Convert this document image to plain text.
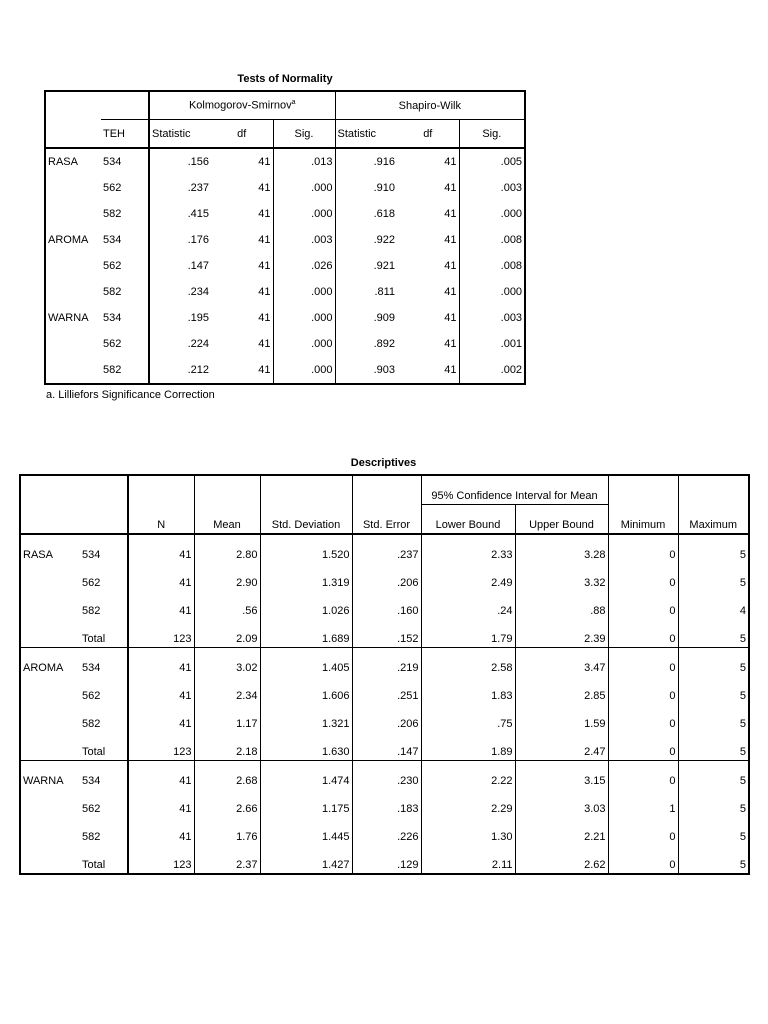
Tests of Normality
		Kolmogorov-Smirnov$^a$			Shapiro-Wilk		
	TEH	Statistic	df	Sig.	Statistic	df	Sig.
RASA	534	.156	41	.013	.916	41	.005
	562	.237	41	.000	.910	41	.003
	582	.415	41	.000	.618	41	.000
AROMA	534	.176	41	.003	.922	41	.008
	562	.147	41	.026	.921	41	.008
	582	.234	41	.000	.811	41	.000
WARNA	534	.195	41	.000	.909	41	.003
	562	.224	41	.000	.892	41	.001
	582	.212	41	.000	.903	41	.002
a. Lilliefors Significance Correction
Descriptives
						95% Confidence Interval for Mean			
		N	Mean	Std. Deviation	Std. Error	Lower Bound	Upper Bound	Minimum	Maximum
RASA	534	41	2.80	1.520	.237	2.33	3.28	0	5
	562	41	2.90	1.319	.206	2.49	3.32	0	5
	582	41	.56	1.026	.160	.24	.88	0	4
	Total	123	2.09	1.689	.152	1.79	2.39	0	5
AROMA	534	41	3.02	1.405	.219	2.58	3.47	0	5
	562	41	2.34	1.606	.251	1.83	2.85	0	5
	582	41	1.17	1.321	.206	.75	1.59	0	5
	Total	123	2.18	1.630	.147	1.89	2.47	0	5
WARNA	534	41	2.68	1.474	.230	2.22	3.15	0	5
	562	41	2.66	1.175	.183	2.29	3.03	1	5
	582	41	1.76	1.445	.226	1.30	2.21	0	5
	Total	123	2.37	1.427	.129	2.11	2.62	0	5
